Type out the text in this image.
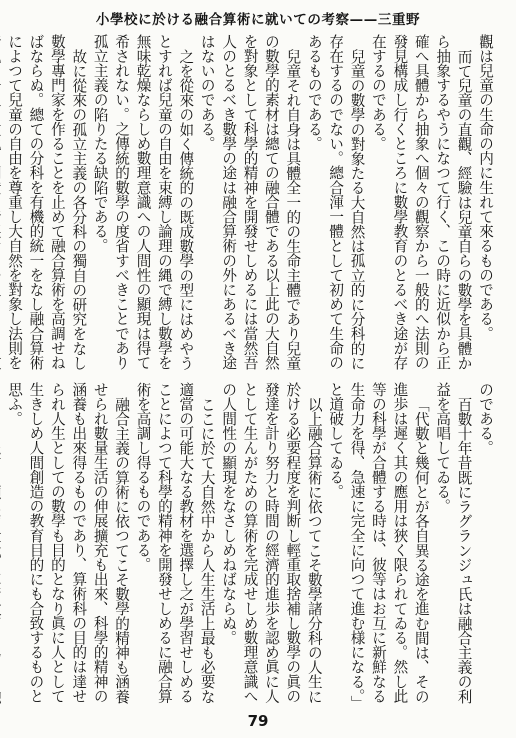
小學校に於ける融合算術に就いての考察——三重野

觀は兒童の生命の内に生れて來るものである。

而て兒童の直觀、經驗は兒童自らの數學を具體から抽象するやうになつて行く、この時に近似から正確へ具體から抽象へ個々の觀察から一般的へ法則の發見構成し行くところに數學教育のとるべき途が存在するのである。

兒童の數學の對象たる大自然は孤立的に分科的に存在するのでない。總合渾一體として初めて生命のあるものである。

兒童それ自身は具體全一的の生命主體であり兒童の數學的素材は總ての融合體である以上此の大自然を對象として科學的精神を開發せしめるには當然吾人のとるべき數學の途は融合算術の外にあるべき途はないのである。

之を從來の如く傳統的の既成數學の型にはめやうとすれば兒童の自由を束縛し論理の縄で縛し數學を無味乾燥ならしめ數理意識への人間性の顯現は得て希されない。之傳統的數學の度省すべきことであり孤立主義の陷りたる缺陷である。

故に從來の孤立主義の各分科の獨自の研究をなし數學專門家を作ることを止めて融合算術を高調せねばならぬ。總ての分科を有機的統一をなし融合算術によつて兒童の自由を尊重し大自然を對象し法則を

のである。

百數十年昔既にラグランジュ氏は融合主義の利益を高唱してゐる。

「代數と幾何とが各自異る途を進む間は、その進歩は遲く其の應用は狹く限られてゐる。然し此等の科學が合體する時は、彼等はお互に新鮮なる生命力を得、急速に完全に向つて進む様になる。」

と道破してゐる。

以上融合算術に依つてこそ數學諸分科の人生に於ける必要程度を判断し輕重取捨補し數學の眞の發達を計り努力と時間の經濟的進歩を認め眞に人として生んがための算術を完成せしめ數理意識への人間性の顯現をなさしめねばならぬ。

ここに於て大自然中から人生生活上最も必要な適當の可能大なる教材を選擇し之が學習せしめることによつて科學的精神を開發せしめるに融合算術を高調し得るものである。

融合主義の算術に依つてこそ數學的精神も涵養せられ數量生活の伸展擴充も出來、科學的精神の涵養も出來得るものであり、算術科の目的は達せられ人生としての數學も目的となり眞に人として生きしめ人間創造の教育目的にも合致するものと思ふ。

79
